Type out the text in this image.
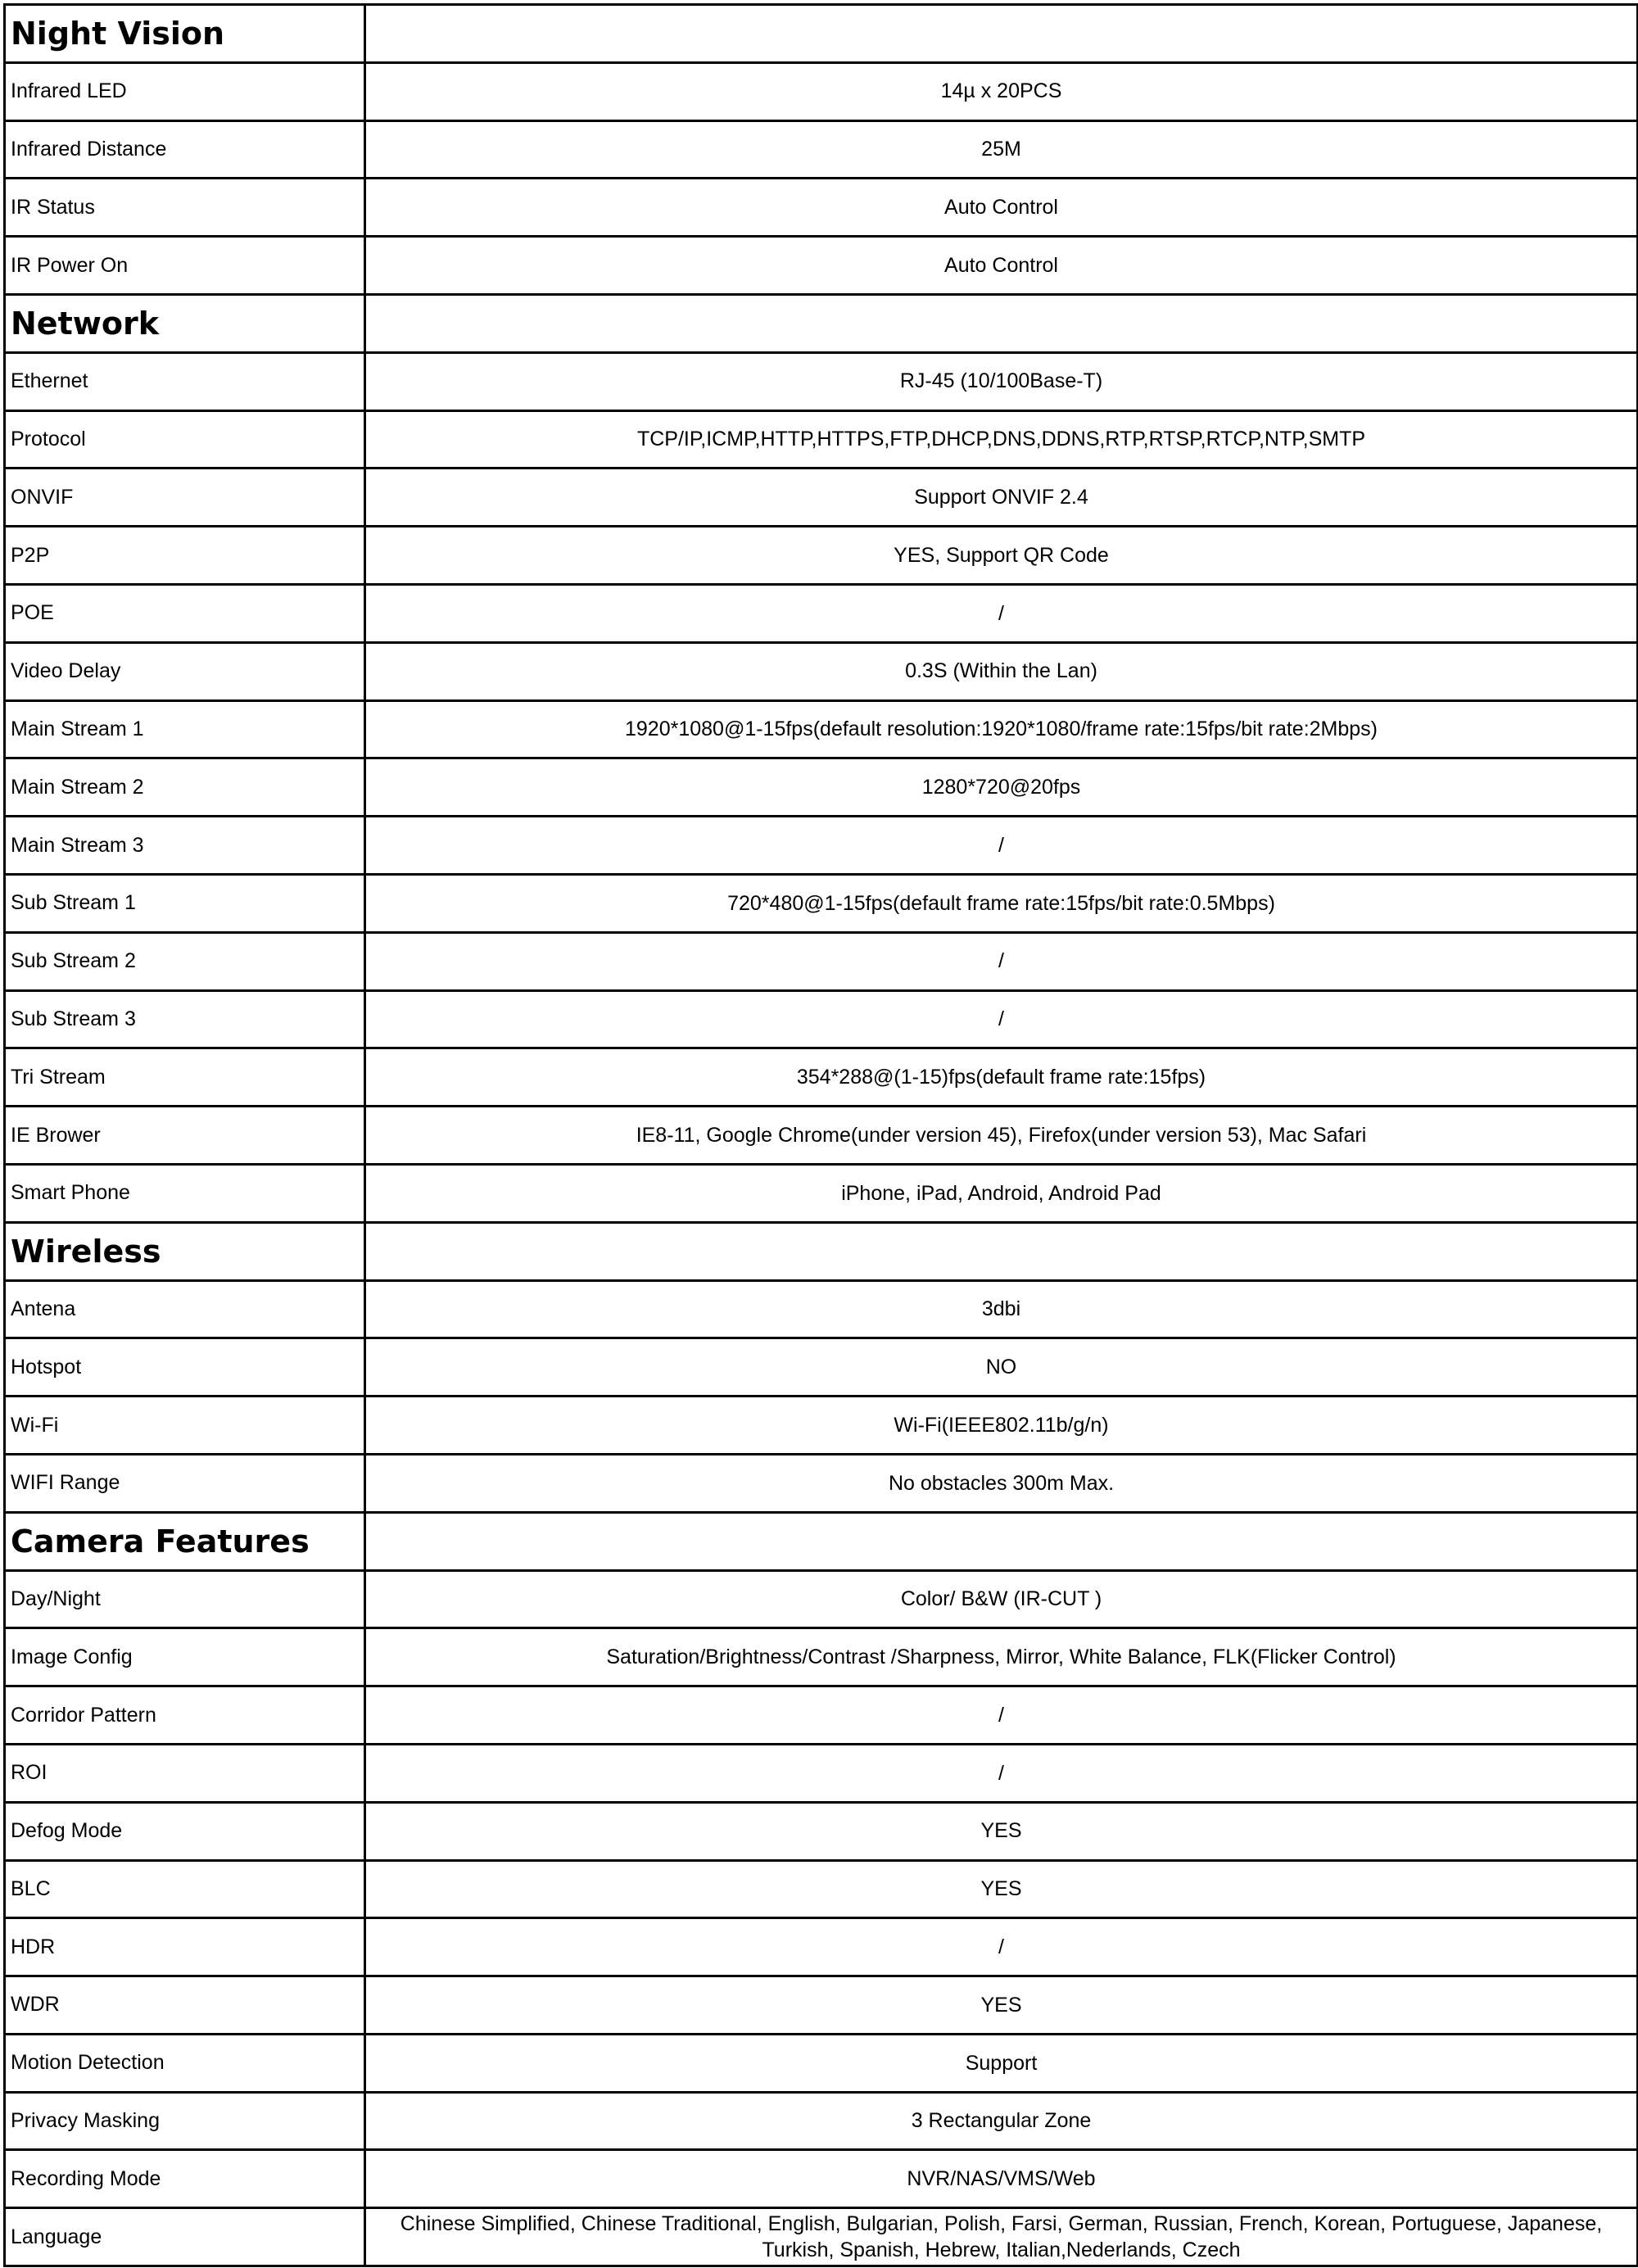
Night Vision	
Infrared LED	14µ x 20PCS
Infrared Distance	25M
IR Status	Auto Control
IR Power On	Auto Control
Network	
Ethernet	RJ-45 (10/100Base-T)
Protocol	TCP/IP,ICMP,HTTP,HTTPS,FTP,DHCP,DNS,DDNS,RTP,RTSP,RTCP,NTP,SMTP
ONVIF	Support ONVIF 2.4
P2P	YES, Support QR Code
POE	/
Video Delay	0.3S (Within the Lan)
Main Stream 1	1920*1080@1-15fps(default resolution:1920*1080/frame rate:15fps/bit rate:2Mbps)
Main Stream 2	1280*720@20fps
Main Stream 3	/
Sub Stream 1	720*480@1-15fps(default frame rate:15fps/bit rate:0.5Mbps)
Sub Stream 2	/
Sub Stream 3	/
Tri Stream	354*288@(1-15)fps(default frame rate:15fps)
IE Brower	IE8-11, Google Chrome(under version 45), Firefox(under version 53), Mac Safari
Smart Phone	iPhone, iPad, Android, Android Pad
Wireless	
Antena	3dbi
Hotspot	NO
Wi-Fi	Wi-Fi(IEEE802.11b/g/n)
WIFI Range	No obstacles 300m Max.
Camera Features	
Day/Night	Color/ B&W (IR-CUT )
Image Config	Saturation/Brightness/Contrast /Sharpness, Mirror, White Balance, FLK(Flicker Control)
Corridor Pattern	/
ROI	/
Defog Mode	YES
BLC	YES
HDR	/
WDR	YES
Motion Detection	Support
Privacy Masking	3 Rectangular Zone
Recording Mode	NVR/NAS/VMS/Web
Language	Chinese Simplified, Chinese Traditional, English, Bulgarian, Polish, Farsi, German, Russian, French, Korean, Portuguese, Japanese, Turkish, Spanish, Hebrew, Italian,Nederlands, Czech
